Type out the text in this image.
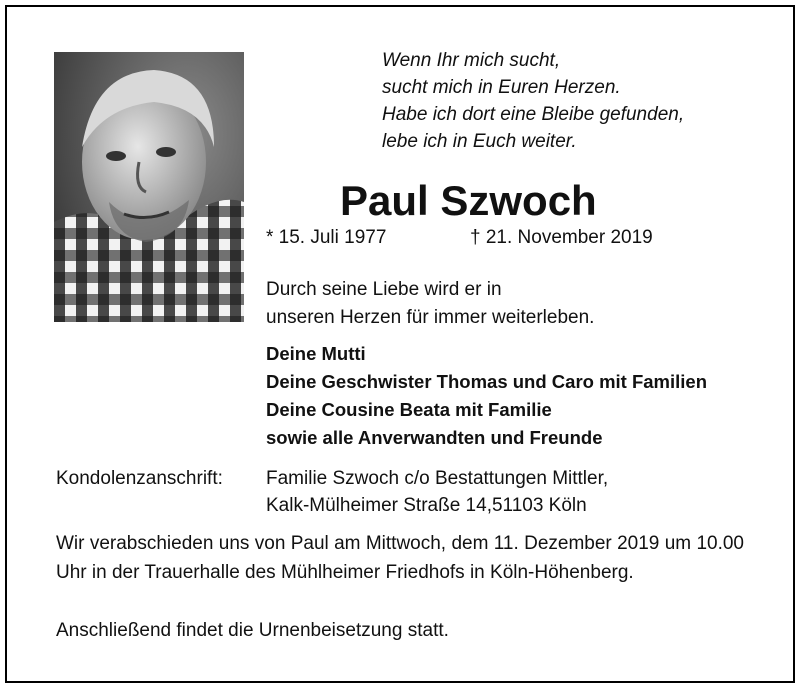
Wenn Ihr mich sucht,
sucht mich in Euren Herzen.
Habe ich dort eine Bleibe gefunden,
lebe ich in Euch weiter.
Paul Szwoch
* 15. Juli 1977	† 21. November 2019
Durch seine Liebe wird er in
unseren Herzen für immer weiterleben.
Deine Mutti
Deine Geschwister Thomas und Caro mit Familien
Deine Cousine Beata mit Familie
sowie alle Anverwandten und Freunde
Kondolenzanschrift: Familie Szwoch c/o Bestattungen Mittler,
Kalk-Mülheimer Straße 14,51103 Köln
Wir verabschieden uns von Paul am Mittwoch, dem 11. Dezember 2019 um 10.00 Uhr in der Trauerhalle des Mühlheimer Friedhofs in Köln-Höhenberg.
Anschließend findet die Urnenbeisetzung statt.
